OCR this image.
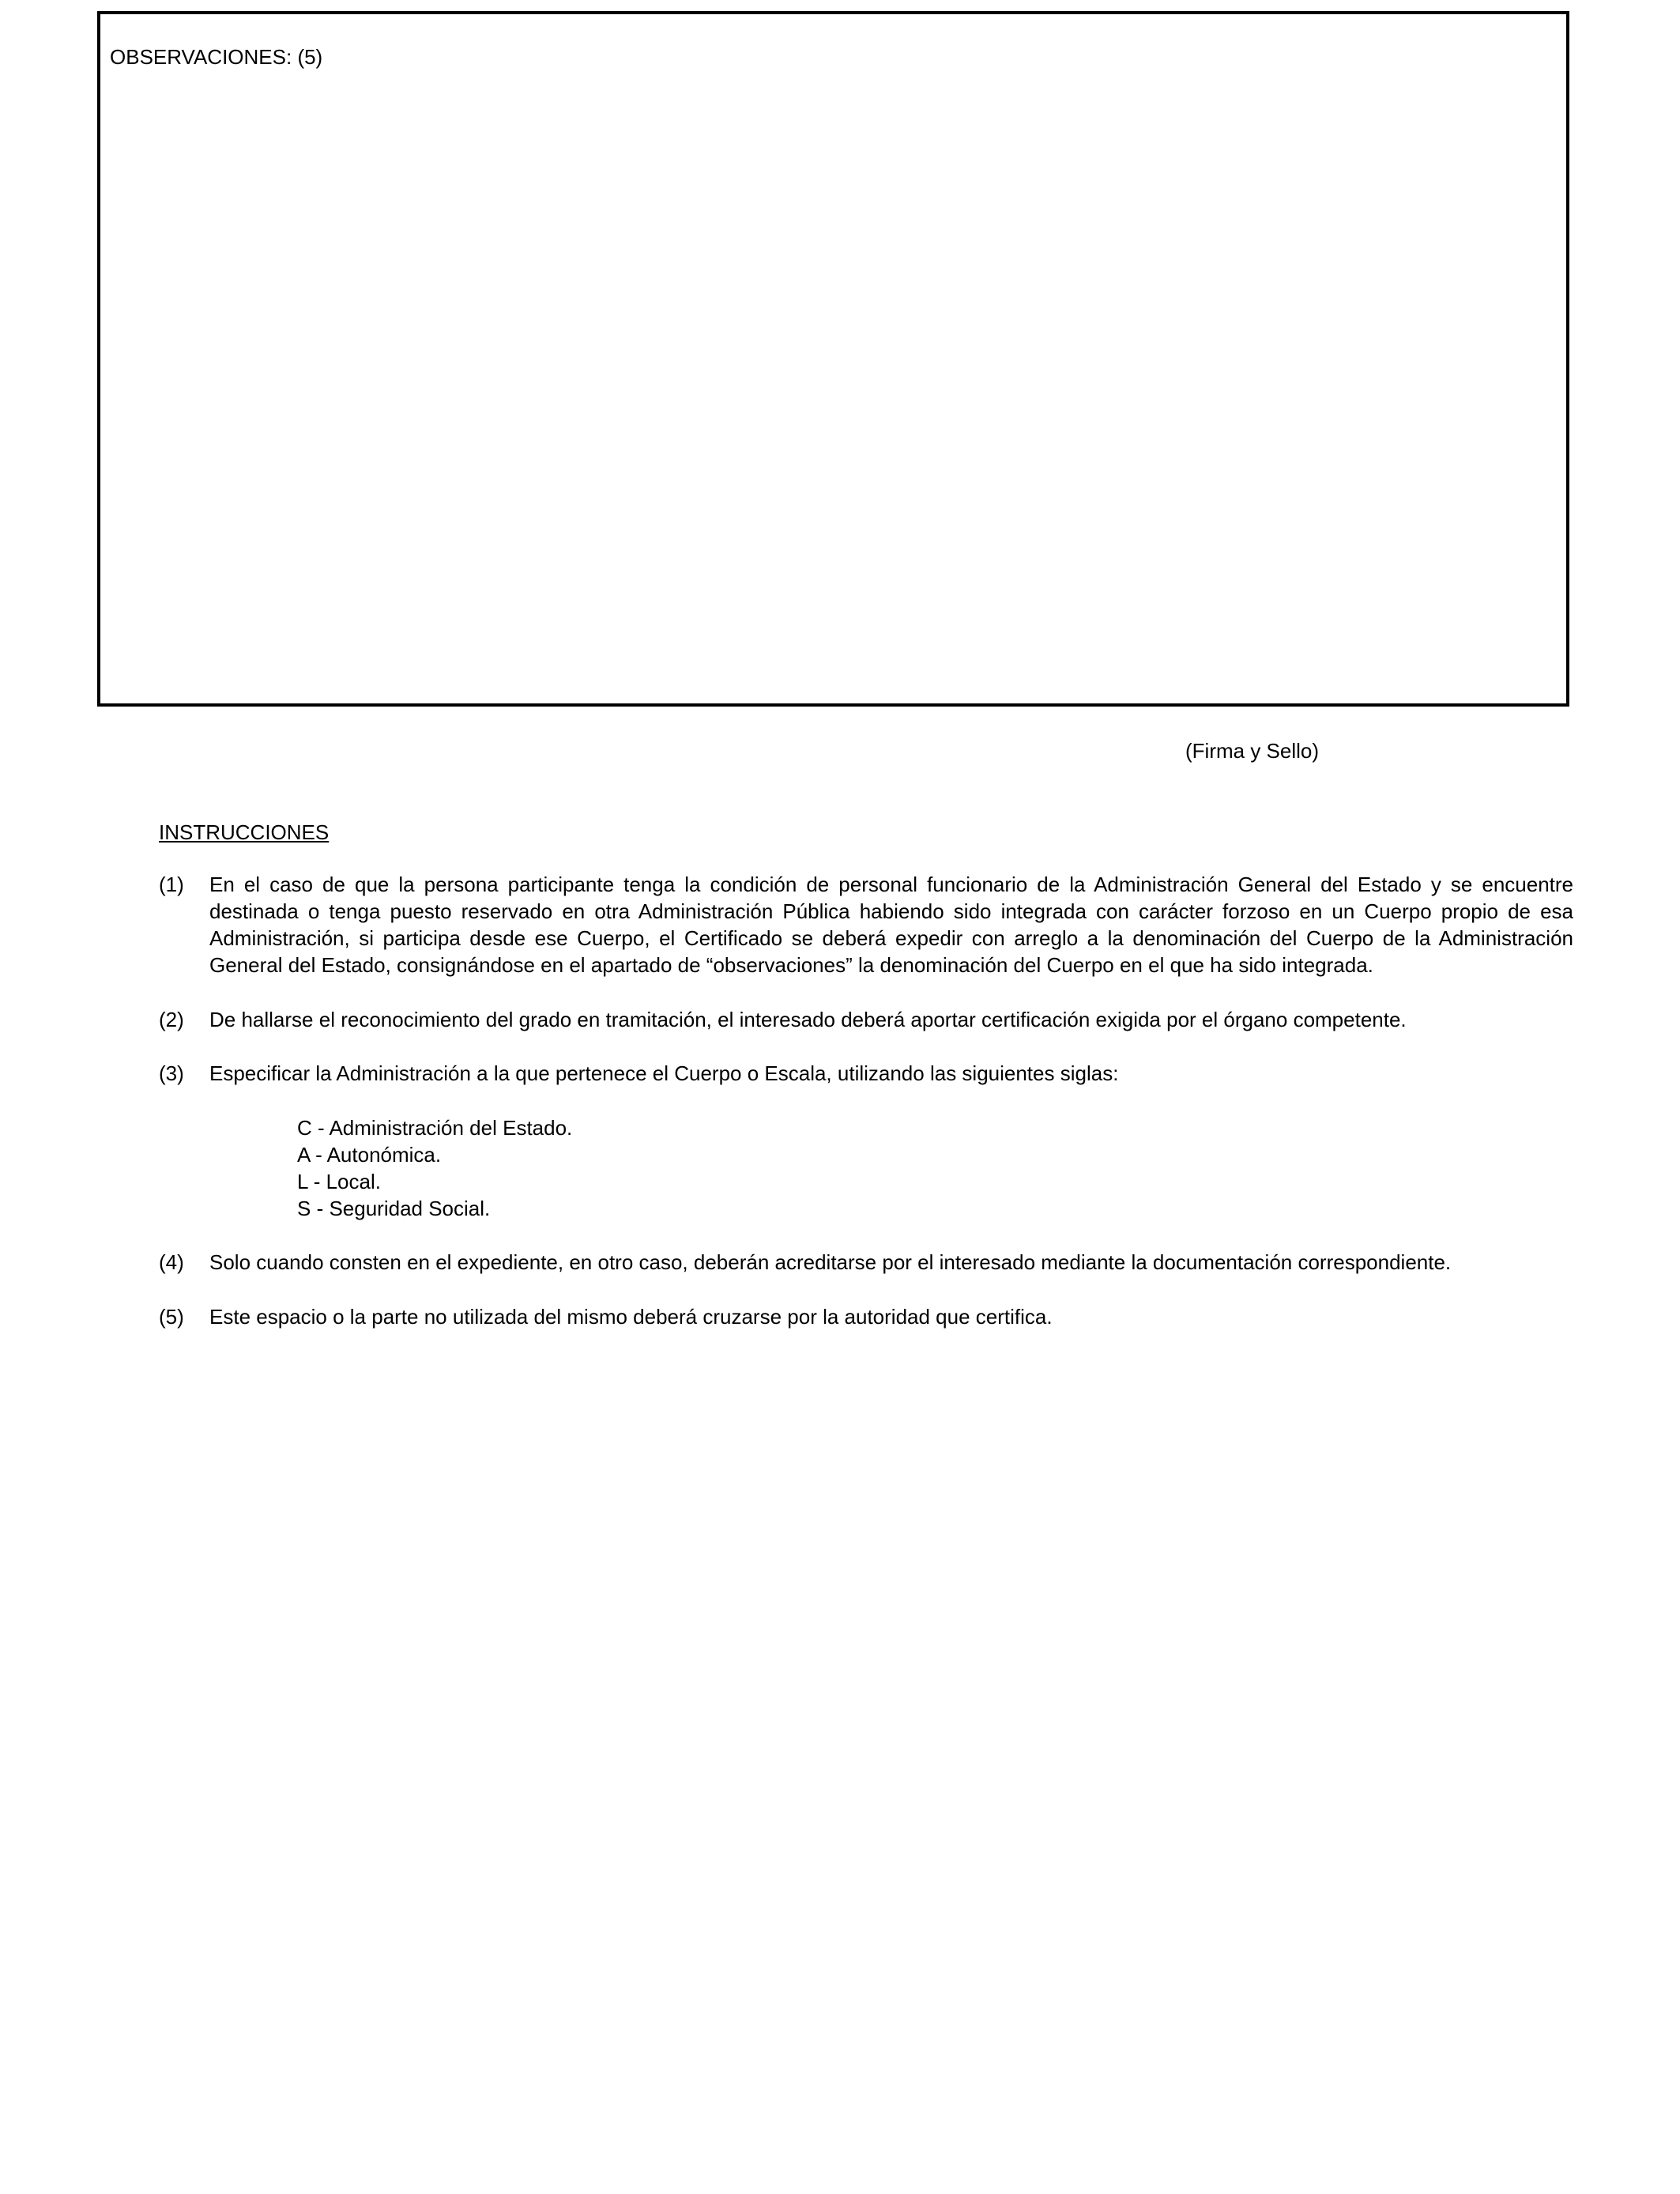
OBSERVACIONES: (5)
(Firma y Sello)
INSTRUCCIONES
(1) En el caso de que la persona participante tenga la condición de personal funcionario de la Administración General del Estado y se encuentre destinada o tenga puesto reservado en otra Administración Pública habiendo sido integrada con carácter forzoso en un Cuerpo propio de esa Administración, si participa desde ese Cuerpo, el Certificado se deberá expedir con arreglo a la denominación del Cuerpo de la Administración General del Estado, consignándose en el apartado de “observaciones” la denominación del Cuerpo en el que ha sido integrada.
(2) De hallarse el reconocimiento del grado en tramitación, el interesado deberá aportar certificación exigida por el órgano competente.
(3) Especificar la Administración a la que pertenece el Cuerpo o Escala, utilizando las siguientes siglas:
C - Administración del Estado.
A - Autonómica.
L - Local.
S - Seguridad Social.
(4) Solo cuando consten en el expediente, en otro caso, deberán acreditarse por el interesado mediante la documentación correspondiente.
(5) Este espacio o la parte no utilizada del mismo deberá cruzarse por la autoridad que certifica.
